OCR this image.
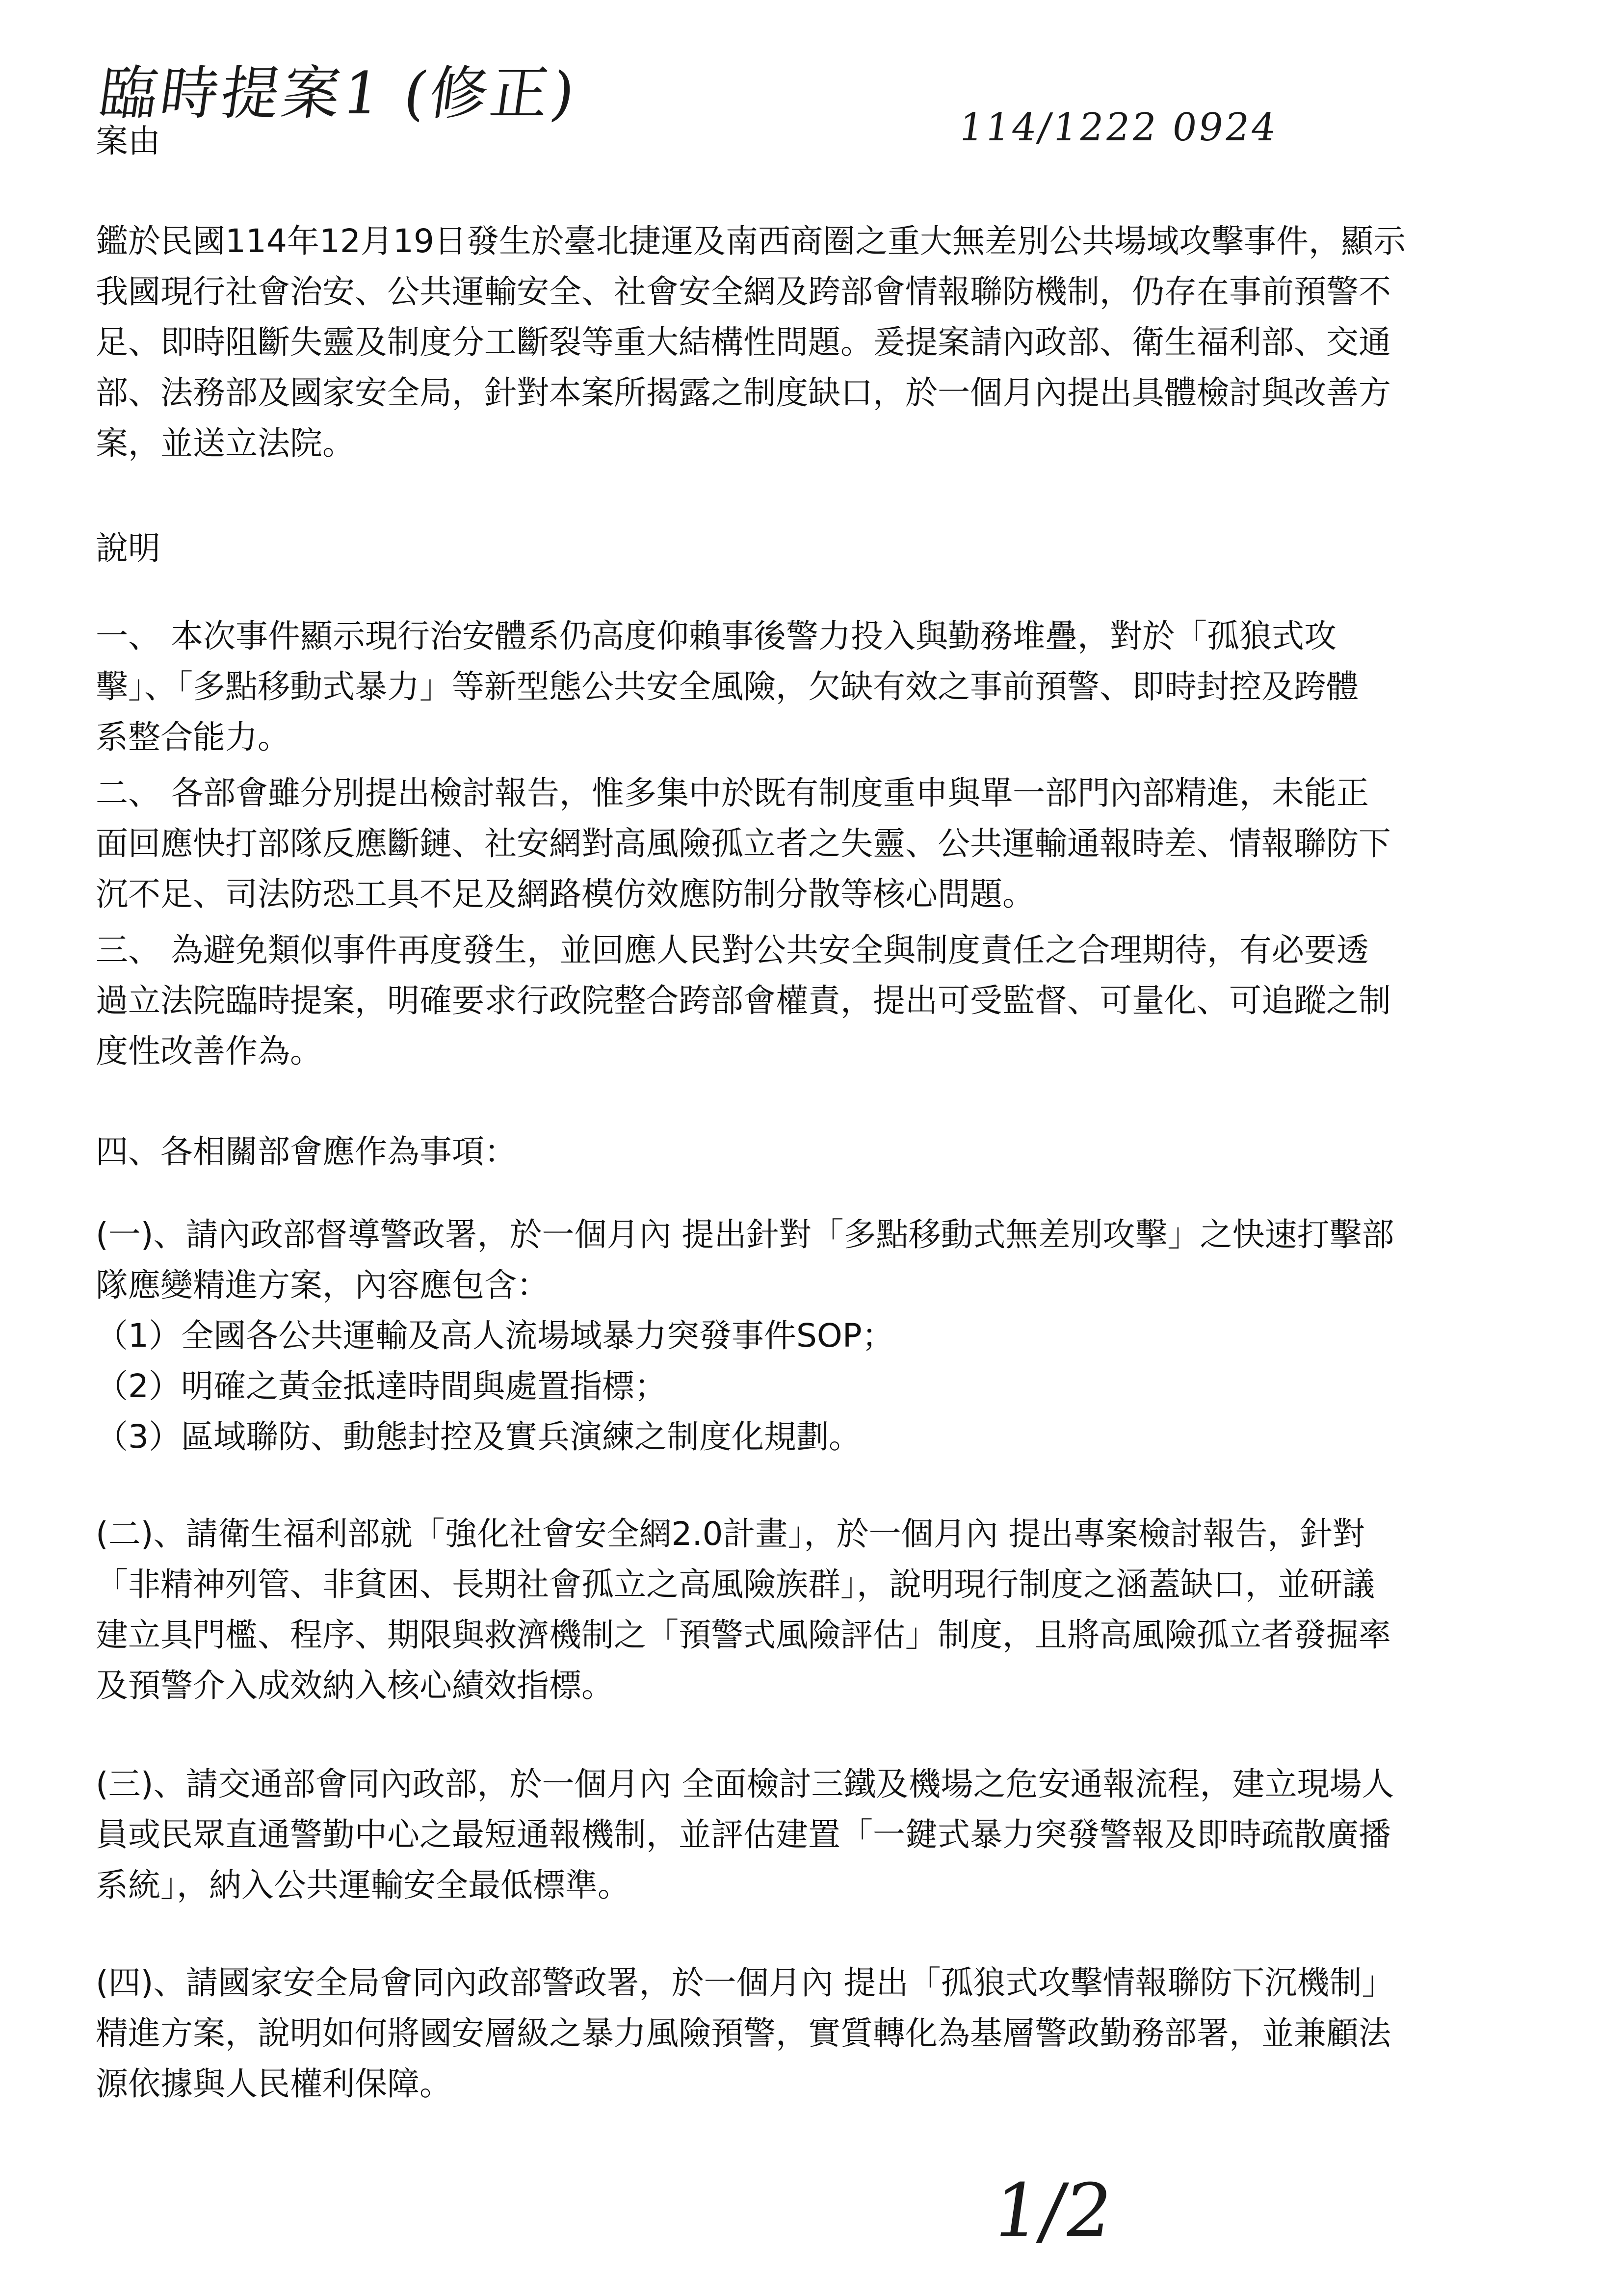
臨時提案1 (修正)
114/1222 0924
案由
鑑於民國114年12月19日發生於臺北捷運及南西商圈之重大無差別公共場域攻擊事件，顯示
我國現行社會治安、公共運輸安全、社會安全網及跨部會情報聯防機制，仍存在事前預警不
足、即時阻斷失靈及制度分工斷裂等重大結構性問題。爰提案請內政部、衛生福利部、交通
部、法務部及國家安全局，針對本案所揭露之制度缺口，於一個月內提出具體檢討與改善方
案，並送立法院。
說明
一、 本次事件顯示現行治安體系仍高度仰賴事後警力投入與勤務堆疊，對於「孤狼式攻
擊」、「多點移動式暴力」等新型態公共安全風險，欠缺有效之事前預警、即時封控及跨體
系整合能力。
二、 各部會雖分別提出檢討報告，惟多集中於既有制度重申與單一部門內部精進，未能正
面回應快打部隊反應斷鏈、社安網對高風險孤立者之失靈、公共運輸通報時差、情報聯防下
沉不足、司法防恐工具不足及網路模仿效應防制分散等核心問題。
三、 為避免類似事件再度發生，並回應人民對公共安全與制度責任之合理期待，有必要透
過立法院臨時提案，明確要求行政院整合跨部會權責，提出可受監督、可量化、可追蹤之制
度性改善作為。
四、各相關部會應作為事項：
(一)、請內政部督導警政署，於一個月內 提出針對「多點移動式無差別攻擊」之快速打擊部
隊應變精進方案，內容應包含：
（1）全國各公共運輸及高人流場域暴力突發事件SOP；
（2）明確之黃金抵達時間與處置指標；
（3）區域聯防、動態封控及實兵演練之制度化規劃。
(二)、請衛生福利部就「強化社會安全網2.0計畫」，於一個月內 提出專案檢討報告，針對
「非精神列管、非貧困、長期社會孤立之高風險族群」，說明現行制度之涵蓋缺口，並研議
建立具門檻、程序、期限與救濟機制之「預警式風險評估」制度，且將高風險孤立者發掘率
及預警介入成效納入核心績效指標。
(三)、請交通部會同內政部，於一個月內 全面檢討三鐵及機場之危安通報流程，建立現場人
員或民眾直通警勤中心之最短通報機制，並評估建置「一鍵式暴力突發警報及即時疏散廣播
系統」，納入公共運輸安全最低標準。
(四)、請國家安全局會同內政部警政署，於一個月內 提出「孤狼式攻擊情報聯防下沉機制」
精進方案，說明如何將國安層級之暴力風險預警，實質轉化為基層警政勤務部署，並兼顧法
源依據與人民權利保障。
1/2
